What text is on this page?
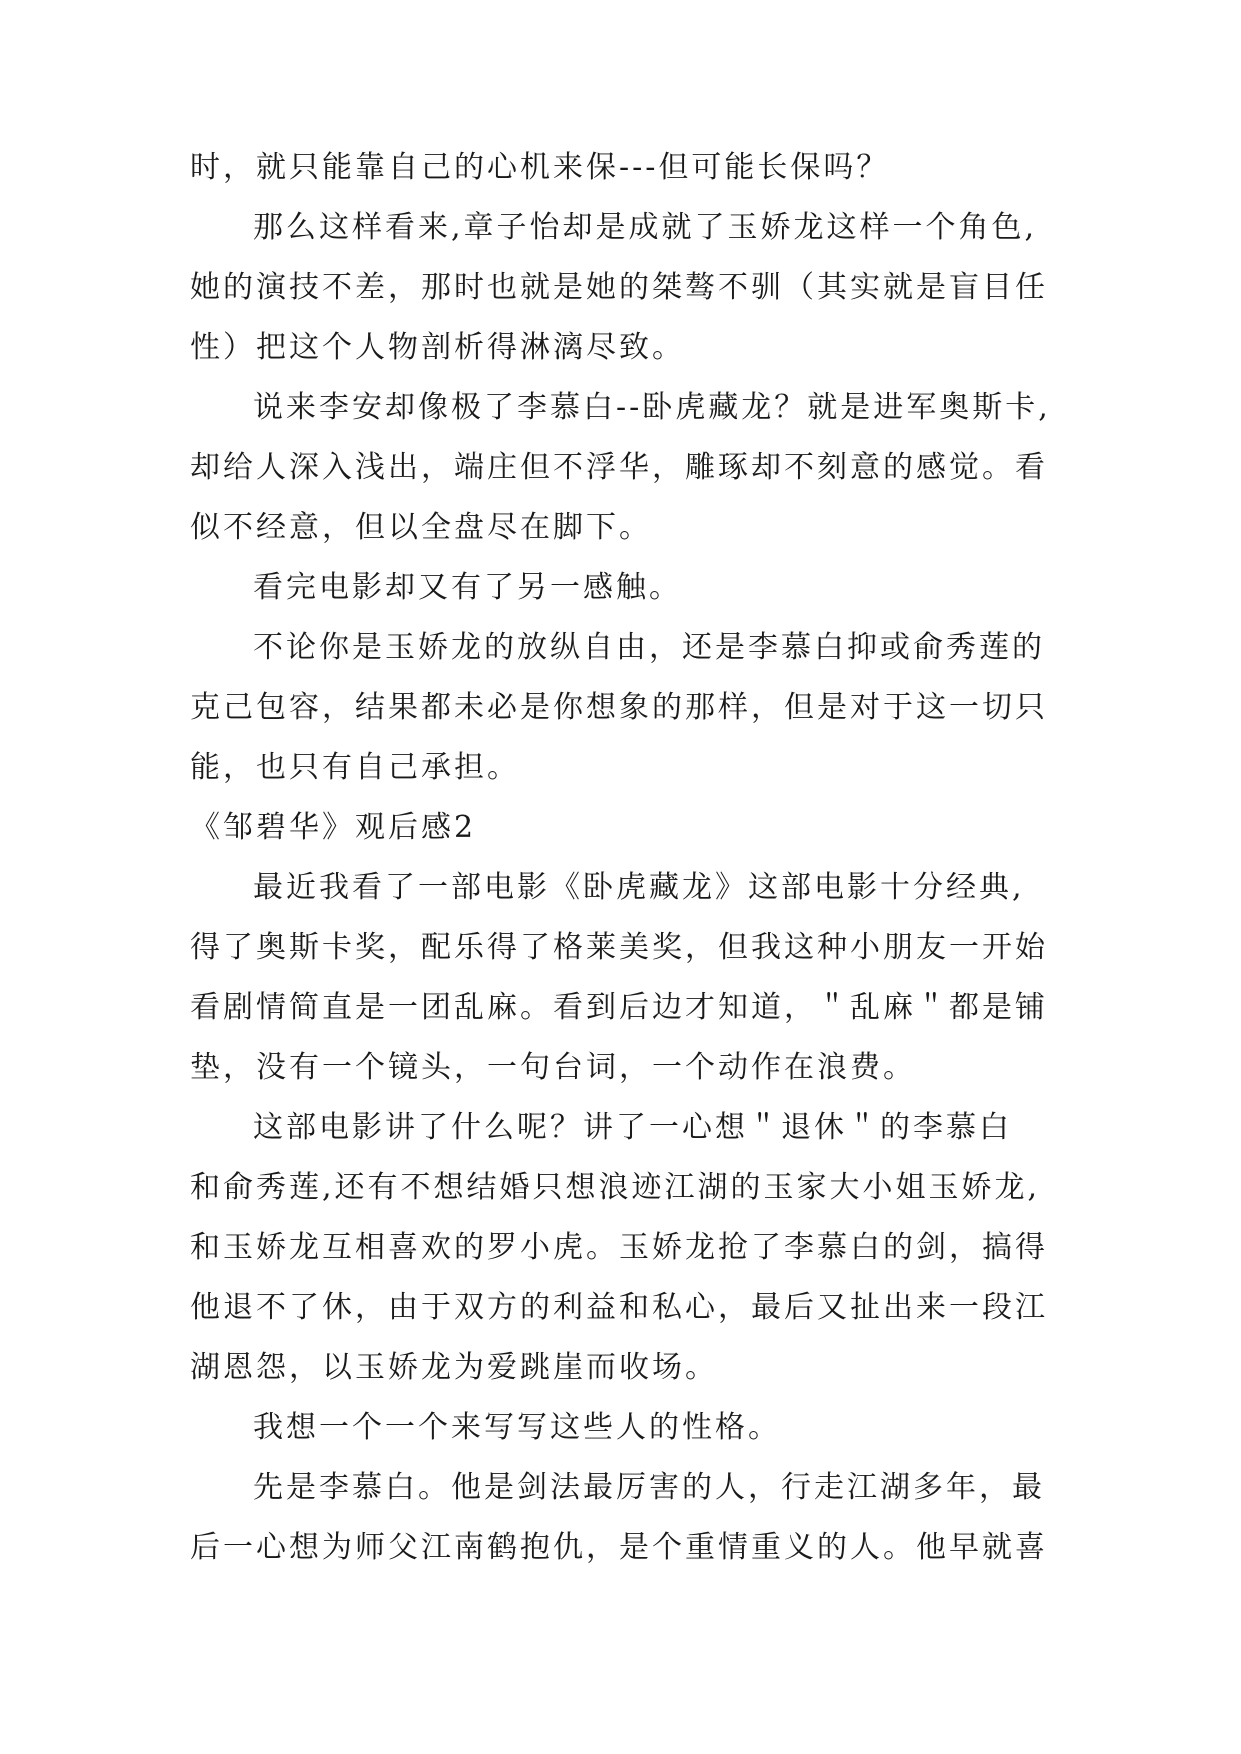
时，就只能靠自己的心机来保---但可能长保吗？
那么这样看来,章子怡却是成就了玉娇龙这样一个角色,
她的演技不差，那时也就是她的桀骜不驯（其实就是盲目任
性）把这个人物剖析得淋漓尽致。
说来李安却像极了李慕白--卧虎藏龙？就是进军奥斯卡,
却给人深入浅出，端庄但不浮华，雕琢却不刻意的感觉。看
似不经意，但以全盘尽在脚下。
看完电影却又有了另一感触。
不论你是玉娇龙的放纵自由，还是李慕白抑或俞秀莲的
克己包容，结果都未必是你想象的那样，但是对于这一切只
能，也只有自己承担。
《邹碧华》观后感2
最近我看了一部电影《卧虎藏龙》这部电影十分经典,
得了奥斯卡奖，配乐得了格莱美奖，但我这种小朋友一开始
看剧情简直是一团乱麻。看到后边才知道，＂乱麻＂都是铺
垫，没有一个镜头，一句台词，一个动作在浪费。
这部电影讲了什么呢？讲了一心想＂退休＂的李慕白
和俞秀莲,还有不想结婚只想浪迹江湖的玉家大小姐玉娇龙,
和玉娇龙互相喜欢的罗小虎。玉娇龙抢了李慕白的剑，搞得
他退不了休，由于双方的利益和私心，最后又扯出来一段江
湖恩怨，以玉娇龙为爱跳崖而收场。
我想一个一个来写写这些人的性格。
先是李慕白。他是剑法最厉害的人，行走江湖多年，最
后一心想为师父江南鹤抱仇，是个重情重义的人。他早就喜
